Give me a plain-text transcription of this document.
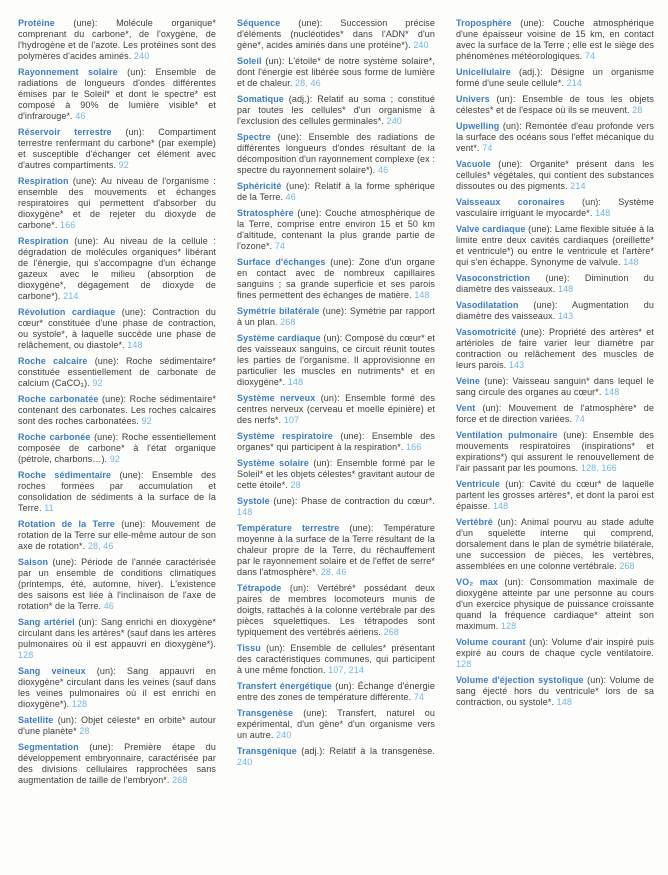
Protéine (une): Molécule organique* comprenant du carbone*, de l'oxygène, de l'hydrogène et de l'azote. Les protéines sont des polymères d'acides aminés. 240

Rayonnement solaire (un): Ensemble de radiations de longueurs d'ondes différentes émises par le Soleil* et dont le spectre* est composé à 90% de lumière visible* et d'infrarouge*. 46

Réservoir terrestre (un): Compartiment terrestre renfermant du carbone* (par exemple) et susceptible d'échanger cet élément avec d'autres compartiments. 92

Respiration (une): Au niveau de l'organisme : ensemble des mouvements et échanges respiratoires qui permettent d'absorber du dioxygène* et de rejeter du dioxyde de carbone*. 166

Respiration (une): Au niveau de la cellule : dégradation de molécules organiques* libérant de l'énergie, qui s'accompagne d'un échange gazeux avec le milieu (absorption de dioxygène*, dégagement de dioxyde de carbone*). 214

Révolution cardiaque (une): Contraction du cœur* constituée d'une phase de contraction, ou systole*, à laquelle succède une phase de relâchement, ou diastole*. 148

Roche calcaire (une): Roche sédimentaire* constituée essentiellement de carbonate de calcium (CaCO₃). 92

Roche carbonatée (une): Roche sédimentaire* contenant des carbonates. Les roches calcaires sont des roches carbonatées. 92

Roche carbonée (une): Roche essentiellement composée de carbone* à l'état organique (pétrole, charbons…). 92

Roche sédimentaire (une): Ensemble des roches formées par accumulation et consolidation de sédiments à la surface de la Terre. 11

Rotation de la Terre (une): Mouvement de rotation de la Terre sur elle-même autour de son axe de rotation*. 28, 46

Saison (une): Période de l'année caractérisée par un ensemble de conditions climatiques (printemps, été, automne, hiver). L'existence des saisons est liée à l'inclinaison de l'axe de rotation* de la Terre. 46

Sang artériel (un): Sang enrichi en dioxygène* circulant dans les artères* (sauf dans les artères pulmonaires où il est appauvri en dioxygène*). 128

Sang veineux (un): Sang appauvri en dioxygène* circulant dans les veines (sauf dans les veines pulmonaires où il est enrichi en dioxygène*). 128

Satellite (un): Objet céleste* en orbite* autour d'une planète* 28

Segmentation (une): Première étape du développement embryonnaire, caractérisée par des divisions cellulaires rapprochées sans augmentation de taille de l'embryon*. 268

Séquence (une): Succession précise d'éléments (nucléotides* dans l'ADN* d'un gène*, acides aminés dans une protéine*). 240

Soleil (un): L'étoile* de notre système solaire*, dont l'énergie est libérée sous forme de lumière et de chaleur. 28, 46

Somatique (adj.): Relatif au soma ; constitué par toutes les cellules* d'un organisme à l'exclusion des cellules germinales*. 240

Spectre (une): Ensemble des radiations de différentes longueurs d'ondes résultant de la décomposition d'un rayonnement complexe (ex : spectre du rayonnement solaire*). 46

Sphéricité (une): Relatif à la forme sphérique de la Terre. 46

Stratosphère (une): Couche atmosphérique de la Terre, comprise entre environ 15 et 50 km d'altitude, contenant la plus grande partie de l'ozone*. 74

Surface d'échanges (une): Zone d'un organe en contact avec de nombreux capillaires sanguins ; sa grande superficie et ses parois fines permettent des échanges de matière. 148

Symétrie bilatérale (une): Symétrie par rapport à un plan. 268

Système cardiaque (un): Composé du cœur* et des vaisseaux sanguins, ce circuit réunit toutes les parties de l'organisme. Il approvisionne en particulier les muscles en nutriments* et en dioxygène*. 148

Système nerveux (un): Ensemble formé des centres nerveux (cerveau et moelle épinière) et des nerfs*. 107

Système respiratoire (une): Ensemble des organes* qui participent à la respiration*. 166

Système solaire (un): Ensemble formé par le Soleil* et les objets célestes* gravitant autour de cette étoile*. 28

Systole (une): Phase de contraction du cœur*. 148

Température terrestre (une): Température moyenne à la surface de la Terre résultant de la chaleur propre de la Terre, du réchauffement par le rayonnement solaire et de l'effet de serre* dans l'atmosphère*. 28, 46

Tétrapode (un): Vertébré* possédant deux paires de membres locomoteurs munis de doigts, rattachés à la colonne vertébrale par des pièces squelettiques. Les tétrapodes sont typiquement des vertébrés aériens. 268

Tissu (un): Ensemble de cellules* présentant des caractéristiques communes, qui participent à une même fonction. 107, 214

Transfert énergétique (un): Échange d'énergie entre des zones de température différente. 74

Transgenèse (une): Transfert, naturel ou expérimental, d'un gène* d'un organisme vers un autre. 240

Transgénique (adj.): Relatif à la transgenèse. 240

Troposphère (une): Couche atmosphérique d'une épaisseur voisine de 15 km, en contact avec la surface de la Terre ; elle est le siège des phénomènes météorologiques. 74

Unicellulaire (adj.): Désigne un organisme formé d'une seule cellule*. 214

Univers (un): Ensemble de tous les objets célestes* et de l'espace où ils se meuvent. 28

Upwelling (un): Remontée d'eau profonde vers la surface des océans sous l'effet mécanique du vent*. 74

Vacuole (une): Organite* présent dans les cellules* végétales, qui contient des substances dissoutes ou des pigments. 214

Vaisseaux coronaires (un): Système vasculaire irriguant le myocarde*. 148

Valve cardiaque (une): Lame flexible située à la limite entre deux cavités cardiaques (oreillette* et ventricule*) ou entre le ventricule et l'artère* qui s'en échappe. Synonyme de valvule. 148

Vasoconstriction (une): Diminution du diamètre des vaisseaux. 148

Vasodilatation (une): Augmentation du diamètre des vaisseaux. 143

Vasomotricité (une): Propriété des artères* et artérioles de faire varier leur diamètre par contraction ou relâchement des muscles de leurs parois. 143

Veine (une): Vaisseau sanguin* dans lequel le sang circule des organes au cœur*. 148

Vent (un): Mouvement de l'atmosphère* de force et de direction variées. 74

Ventilation pulmonaire (une): Ensemble des mouvements respiratoires (inspirations* et expirations*) qui assurent le renouvellement de l'air passant par les poumons. 128, 166

Ventricule (un): Cavité du cœur* de laquelle partent les grosses artères*, et dont la paroi est épaisse. 148

Vertébré (un): Animal pourvu au stade adulte d'un squelette interne qui comprend, dorsalement dans le plan de symétrie bilatérale, une succession de pièces, les vertèbres, assemblées en une colonne vertébrale. 268

VO₂ max (un): Consommation maximale de dioxygène atteinte par une personne au cours d'un exercice physique de puissance croissante quand la fréquence cardiaque* atteint son maximum. 128

Volume courant (un): Volume d'air inspiré puis expiré au cours de chaque cycle ventilatoire. 128

Volume d'éjection systolique (un): Volume de sang éjecté hors du ventricule* lors de sa contraction, ou systole*. 148
